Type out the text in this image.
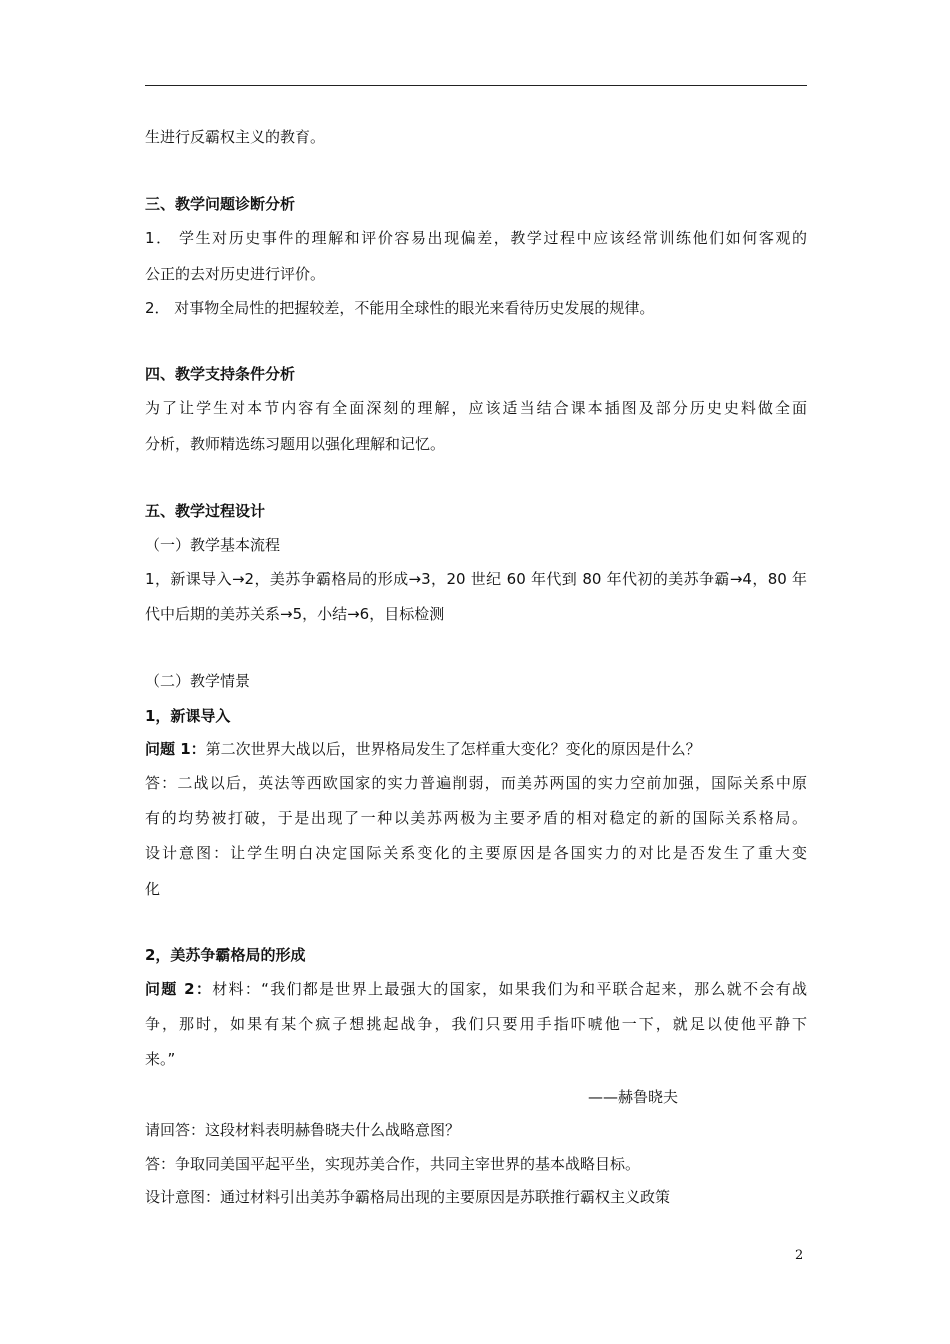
生进行反霸权主义的教育。
三、教学问题诊断分析
1． 学生对历史事件的理解和评价容易出现偏差，教学过程中应该经常训练他们如何客观的
公正的去对历史进行评价。
2． 对事物全局性的把握较差，不能用全球性的眼光来看待历史发展的规律。
四、教学支持条件分析
为了让学生对本节内容有全面深刻的理解，应该适当结合课本插图及部分历史史料做全面
分析，教师精选练习题用以强化理解和记忆。
五、教学过程设计
（一）教学基本流程
1，新课导入→2，美苏争霸格局的形成→3，20 世纪 60 年代到 80 年代初的美苏争霸→4，80 年
代中后期的美苏关系→5，小结→6，目标检测
（二）教学情景
1，新课导入
问题 1：第二次世界大战以后，世界格局发生了怎样重大变化？变化的原因是什么？
答：二战以后，英法等西欧国家的实力普遍削弱，而美苏两国的实力空前加强，国际关系中原
有的均势被打破，于是出现了一种以美苏两极为主要矛盾的相对稳定的新的国际关系格局。
设计意图：让学生明白决定国际关系变化的主要原因是各国实力的对比是否发生了重大变
化
2，美苏争霸格局的形成
问题 2：材料：“我们都是世界上最强大的国家，如果我们为和平联合起来，那么就不会有战
争，那时，如果有某个疯子想挑起战争，我们只要用手指吓唬他一下，就足以使他平静下
来。”
——赫鲁晓夫
请回答：这段材料表明赫鲁晓夫什么战略意图？
答：争取同美国平起平坐，实现苏美合作，共同主宰世界的基本战略目标。
设计意图：通过材料引出美苏争霸格局出现的主要原因是苏联推行霸权主义政策
2
